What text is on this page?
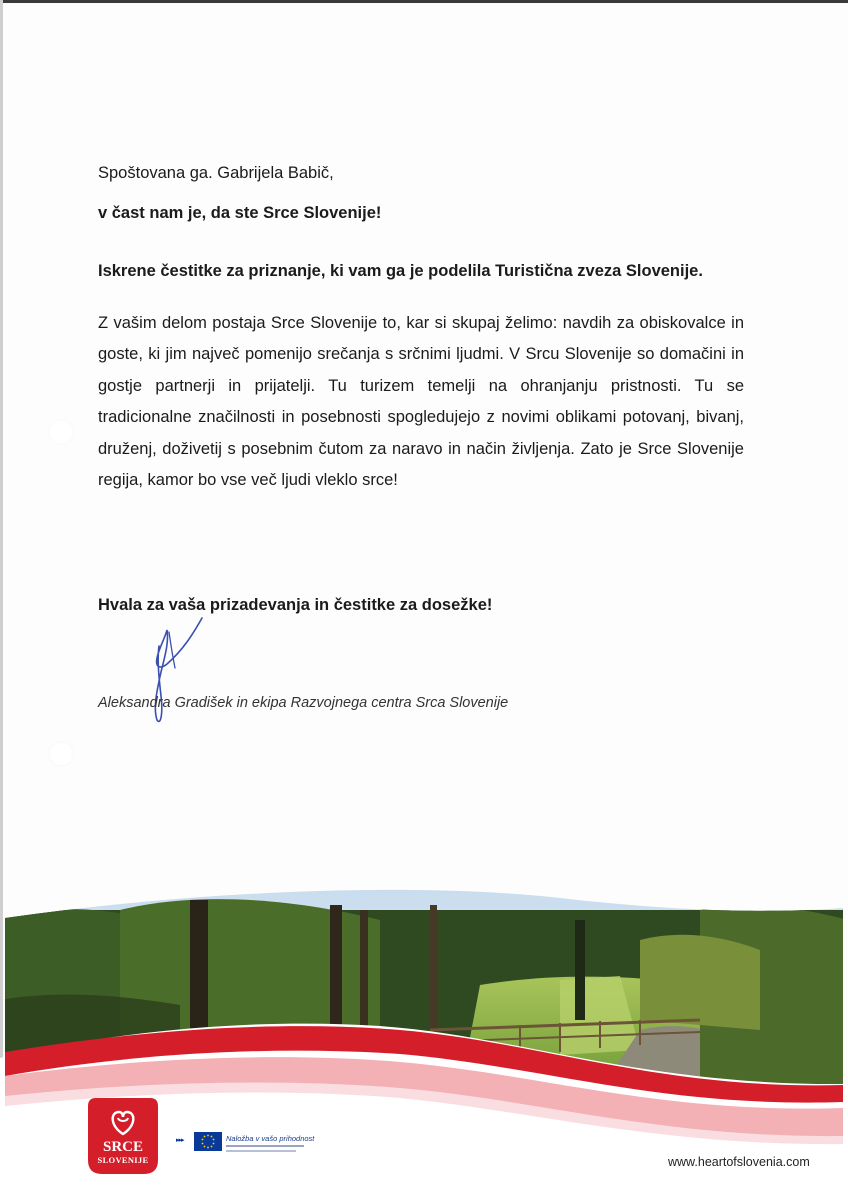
Spoštovana ga. Gabrijela Babič,

v čast nam je, da ste Srce Slovenije!

Iskrene čestitke za priznanje, ki vam ga je podelila Turistična zveza Slovenije.

Z vašim delom postaja Srce Slovenije to, kar si skupaj želimo: navdih za obiskovalce in goste, ki jim največ pomenijo srečanja s srčnimi ljudmi. V Srcu Slovenije so domačini in gostje partnerji in prijatelji. Tu turizem temelji na ohranjanju pristnosti. Tu se tradicionalne značilnosti in posebnosti spogledujejo z novimi oblikami potovanj, bivanj, druženj, doživetij s posebnim čutom za naravo in način življenja. Zato je Srce Slovenije regija, kamor bo vse več ljudi vleklo srce!

Hvala za vaša prizadevanja in čestitke za dosežke!

Aleksandra Gradišek in ekipa Razvojnega centra Srca Slovenije

SRCE
SLOVENIJE
▸▸▸	Naložba v vašo prihodnost

www.heartofslovenia.com
